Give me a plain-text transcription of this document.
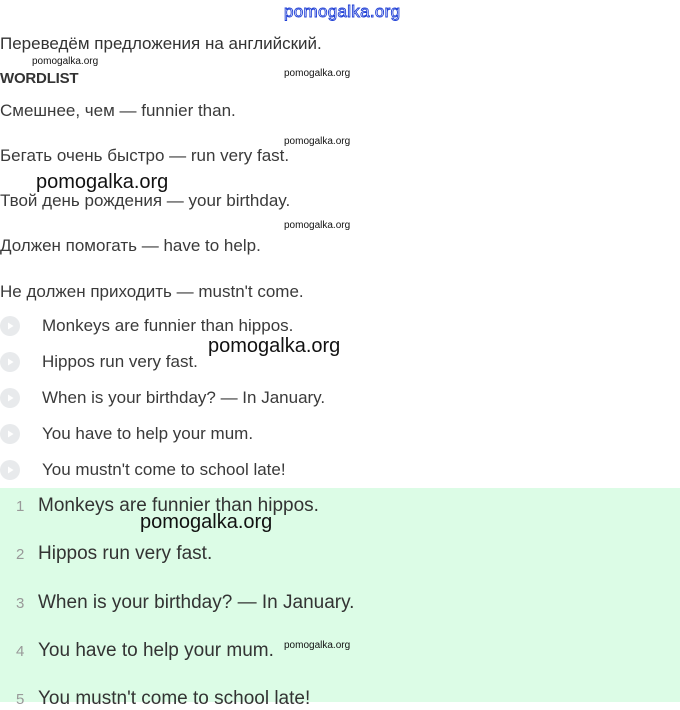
pomogalka.org
Переведём предложения на английский.
pomogalka.org
WORDLIST	pomogalka.org
Смешнее, чем — funnier than.
pomogalka.org
Бегать очень быстро — run very fast.
pomogalka.org
Твой день рождения — your birthday.
pomogalka.org
Должен помогать — have to help.
Не должен приходить — mustn't come.
Monkeys are funnier than hippos.
Hippos run very fast.
pomogalka.org
When is your birthday? — In January.
You have to help your mum.
You mustn't come to school late!
1 Monkeys are funnier than hippos.
pomogalka.org
2 Hippos run very fast.
3 When is your birthday? — In January.
4 You have to help your mum. pomogalka.org
5 You mustn't come to school late!
